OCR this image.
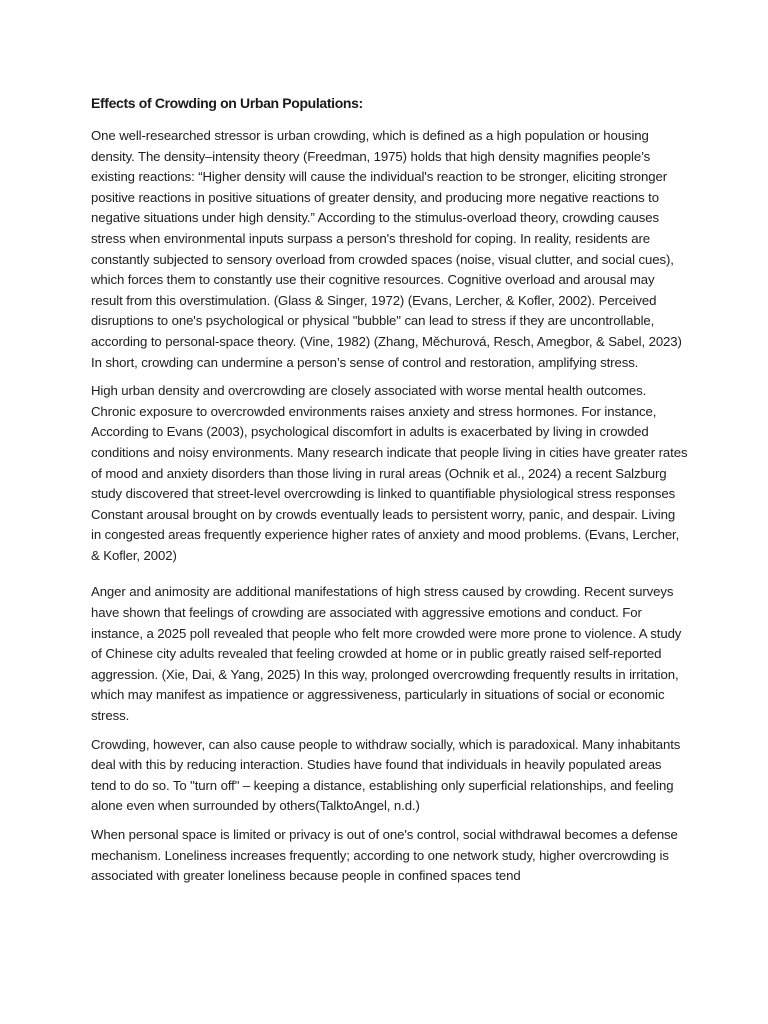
Effects of Crowding on Urban Populations:

One well-researched stressor is urban crowding, which is defined as a high population or housing density. The density–intensity theory (Freedman, 1975) holds that high density magnifies people’s existing reactions: “Higher density will cause the individual's reaction to be stronger, eliciting stronger positive reactions in positive situations of greater density, and producing more negative reactions to negative situations under high density.” According to the stimulus-overload theory, crowding causes stress when environmental inputs surpass a person's threshold for coping. In reality, residents are constantly subjected to sensory overload from crowded spaces (noise, visual clutter, and social cues), which forces them to constantly use their cognitive resources. Cognitive overload and arousal may result from this overstimulation. (Glass & Singer, 1972) (Evans, Lercher, & Kofler, 2002). Perceived disruptions to one's psychological or physical "bubble" can lead to stress if they are uncontrollable, according to personal-space theory. (Vine, 1982) (Zhang, Měchurová, Resch, Amegbor, & Sabel, 2023) In short, crowding can undermine a person’s sense of control and restoration, amplifying stress.

High urban density and overcrowding are closely associated with worse mental health outcomes. Chronic exposure to overcrowded environments raises anxiety and stress hormones. For instance, According to Evans (2003), psychological discomfort in adults is exacerbated by living in crowded conditions and noisy environments. Many research indicate that people living in cities have greater rates of mood and anxiety disorders than those living in rural areas (Ochnik et al., 2024) a recent Salzburg study discovered that street-level overcrowding is linked to quantifiable physiological stress responses Constant arousal brought on by crowds eventually leads to persistent worry, panic, and despair. Living in congested areas frequently experience higher rates of anxiety and mood problems. (Evans, Lercher, & Kofler, 2002)

Anger and animosity are additional manifestations of high stress caused by crowding. Recent surveys have shown that feelings of crowding are associated with aggressive emotions and conduct. For instance, a 2025 poll revealed that people who felt more crowded were more prone to violence. A study of Chinese city adults revealed that feeling crowded at home or in public greatly raised self-reported aggression. (Xie, Dai, & Yang, 2025) In this way, prolonged overcrowding frequently results in irritation, which may manifest as impatience or aggressiveness, particularly in situations of social or economic stress.

Crowding, however, can also cause people to withdraw socially, which is paradoxical. Many inhabitants deal with this by reducing interaction. Studies have found that individuals in heavily populated areas tend to do so. To "turn off" – keeping a distance, establishing only superficial relationships, and feeling alone even when surrounded by others(TalktoAngel, n.d.)

When personal space is limited or privacy is out of one's control, social withdrawal becomes a defense mechanism. Loneliness increases frequently; according to one network study, higher overcrowding is associated with greater loneliness because people in confined spaces tend
